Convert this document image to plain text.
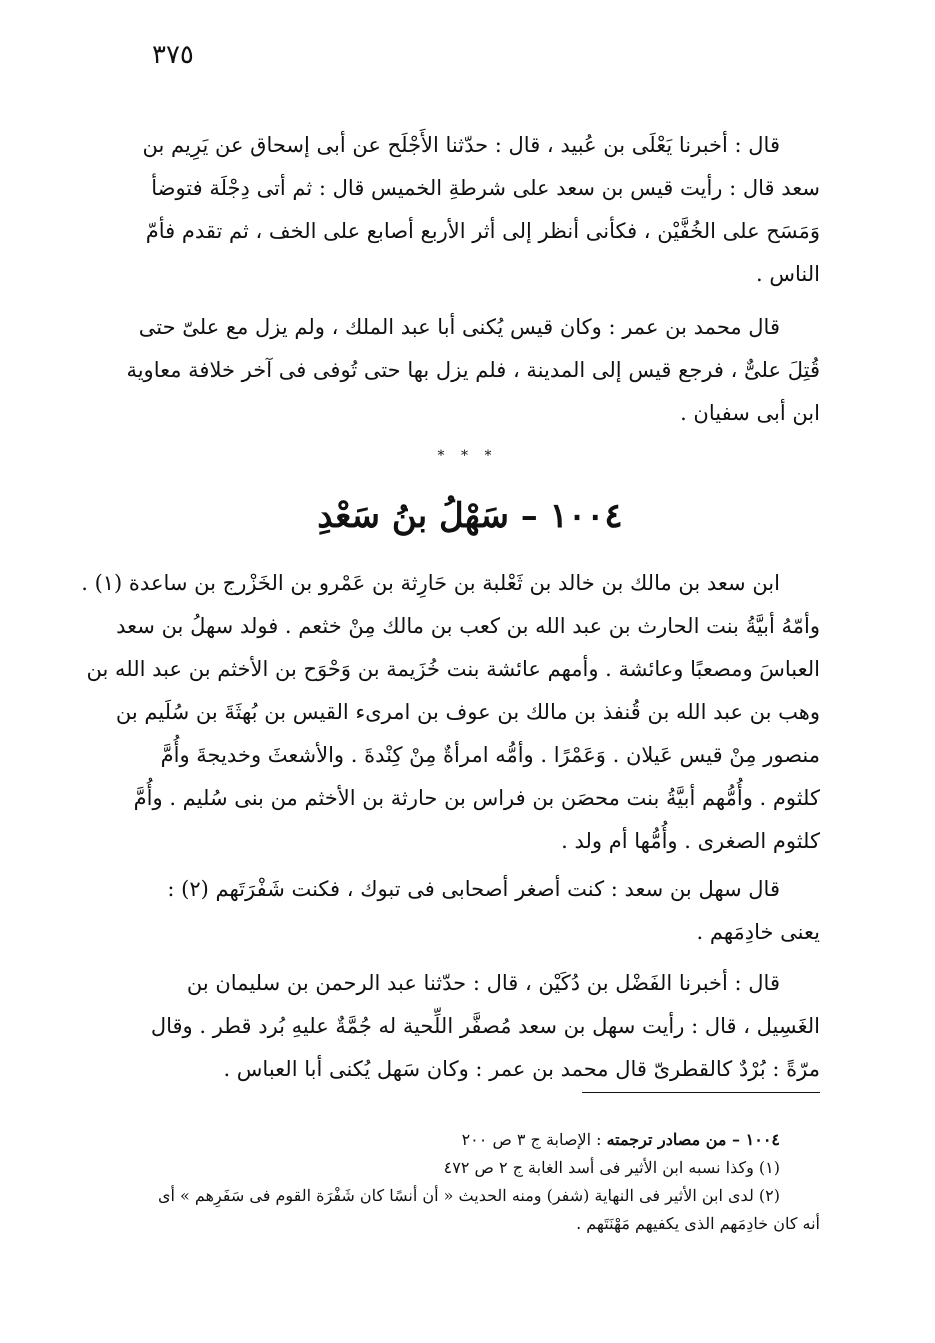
٣٧٥
قال : أخبرنا يَعْلَى بن عُبيد ، قال : حدّثنا الأَجْلَح عن أبى إسحاق عن يَرِيم بن
سعد قال : رأيت قيس بن سعد على شرطةِ الخميس قال : ثم أتى دِجْلَة فتوضأ
وَمَسَح على الخُفَّيْن ، فكأنى أنظر إلى أثر الأربع أصابع على الخف ، ثم تقدم فأمّ
الناس .
قال محمد بن عمر : وكان قيس يُكنى أبا عبد الملك ، ولم يزل مع علىّ حتى
قُتِلَ علىٌّ ، فرجع قيس إلى المدينة ، فلم يزل بها حتى تُوفى فى آخر خلافة معاوية
ابن أبى سفيان .
* * *
١٠٠٤ – سَهْلُ بنُ سَعْدِ
ابن سعد بن مالك بن خالد بن ثَعْلبة بن حَارِثة بن عَمْرو بن الخَزْرج بن ساعدة (١) .
وأمّهُ أبيَّةُ بنت الحارث بن عبد الله بن كعب بن مالك مِنْ خثعم . فولد سهلُ بن سعد
العباسَ ومصعبًا وعائشة . وأمهم عائشة بنت خُزَيمة بن وَحْوَح بن الأخثم بن عبد الله بن
وهب بن عبد الله بن قُنفذ بن مالك بن عوف بن امرىء القيس بن بُهثَةَ بن سُلَيم بن
منصور مِنْ قيس عَيلان . وَعَمْرًا . وأمُّه امرأةٌ مِنْ كِنْدةَ . والأشعثَ وخديجةَ وأُمَّ
كلثوم . وأُمُّهم أبيَّةُ بنت محصَن بن فراس بن حارثة بن الأخثم من بنى سُليم . وأُمَّ
كلثوم الصغرى . وأُمُّها أم ولد .
قال سهل بن سعد : كنت أصغر أصحابى فى تبوك ، فكنت شَفْرَتَهم (٢) :
يعنى خادِمَهم .
قال : أخبرنا الفَضْل بن دُكَيْن ، قال : حدّثنا عبد الرحمن بن سليمان بن
الغَسِيل ، قال : رأيت سهل بن سعد مُصفَّر اللِّحية له جُمَّةٌ عليهِ بُرد قطر . وقال
مرّةً : بُرْدٌ كالقطرىّ قال محمد بن عمر : وكان سَهل يُكنى أبا العباس .
١٠٠٤ – من مصادر ترجمته : الإصابة ج ٣ ص ٢٠٠
(١) وكذا نسبه ابن الأثير فى أسد الغابة ج ٢ ص ٤٧٢
(٢) لدى ابن الأثير فى النهاية (شفر) ومنه الحديث « أن أنسًا كان شَفْرَة القوم فى سَفَرِهم » أى
أنه كان خادِمَهم الذى يكفيهم مَهْنَتَهم .
